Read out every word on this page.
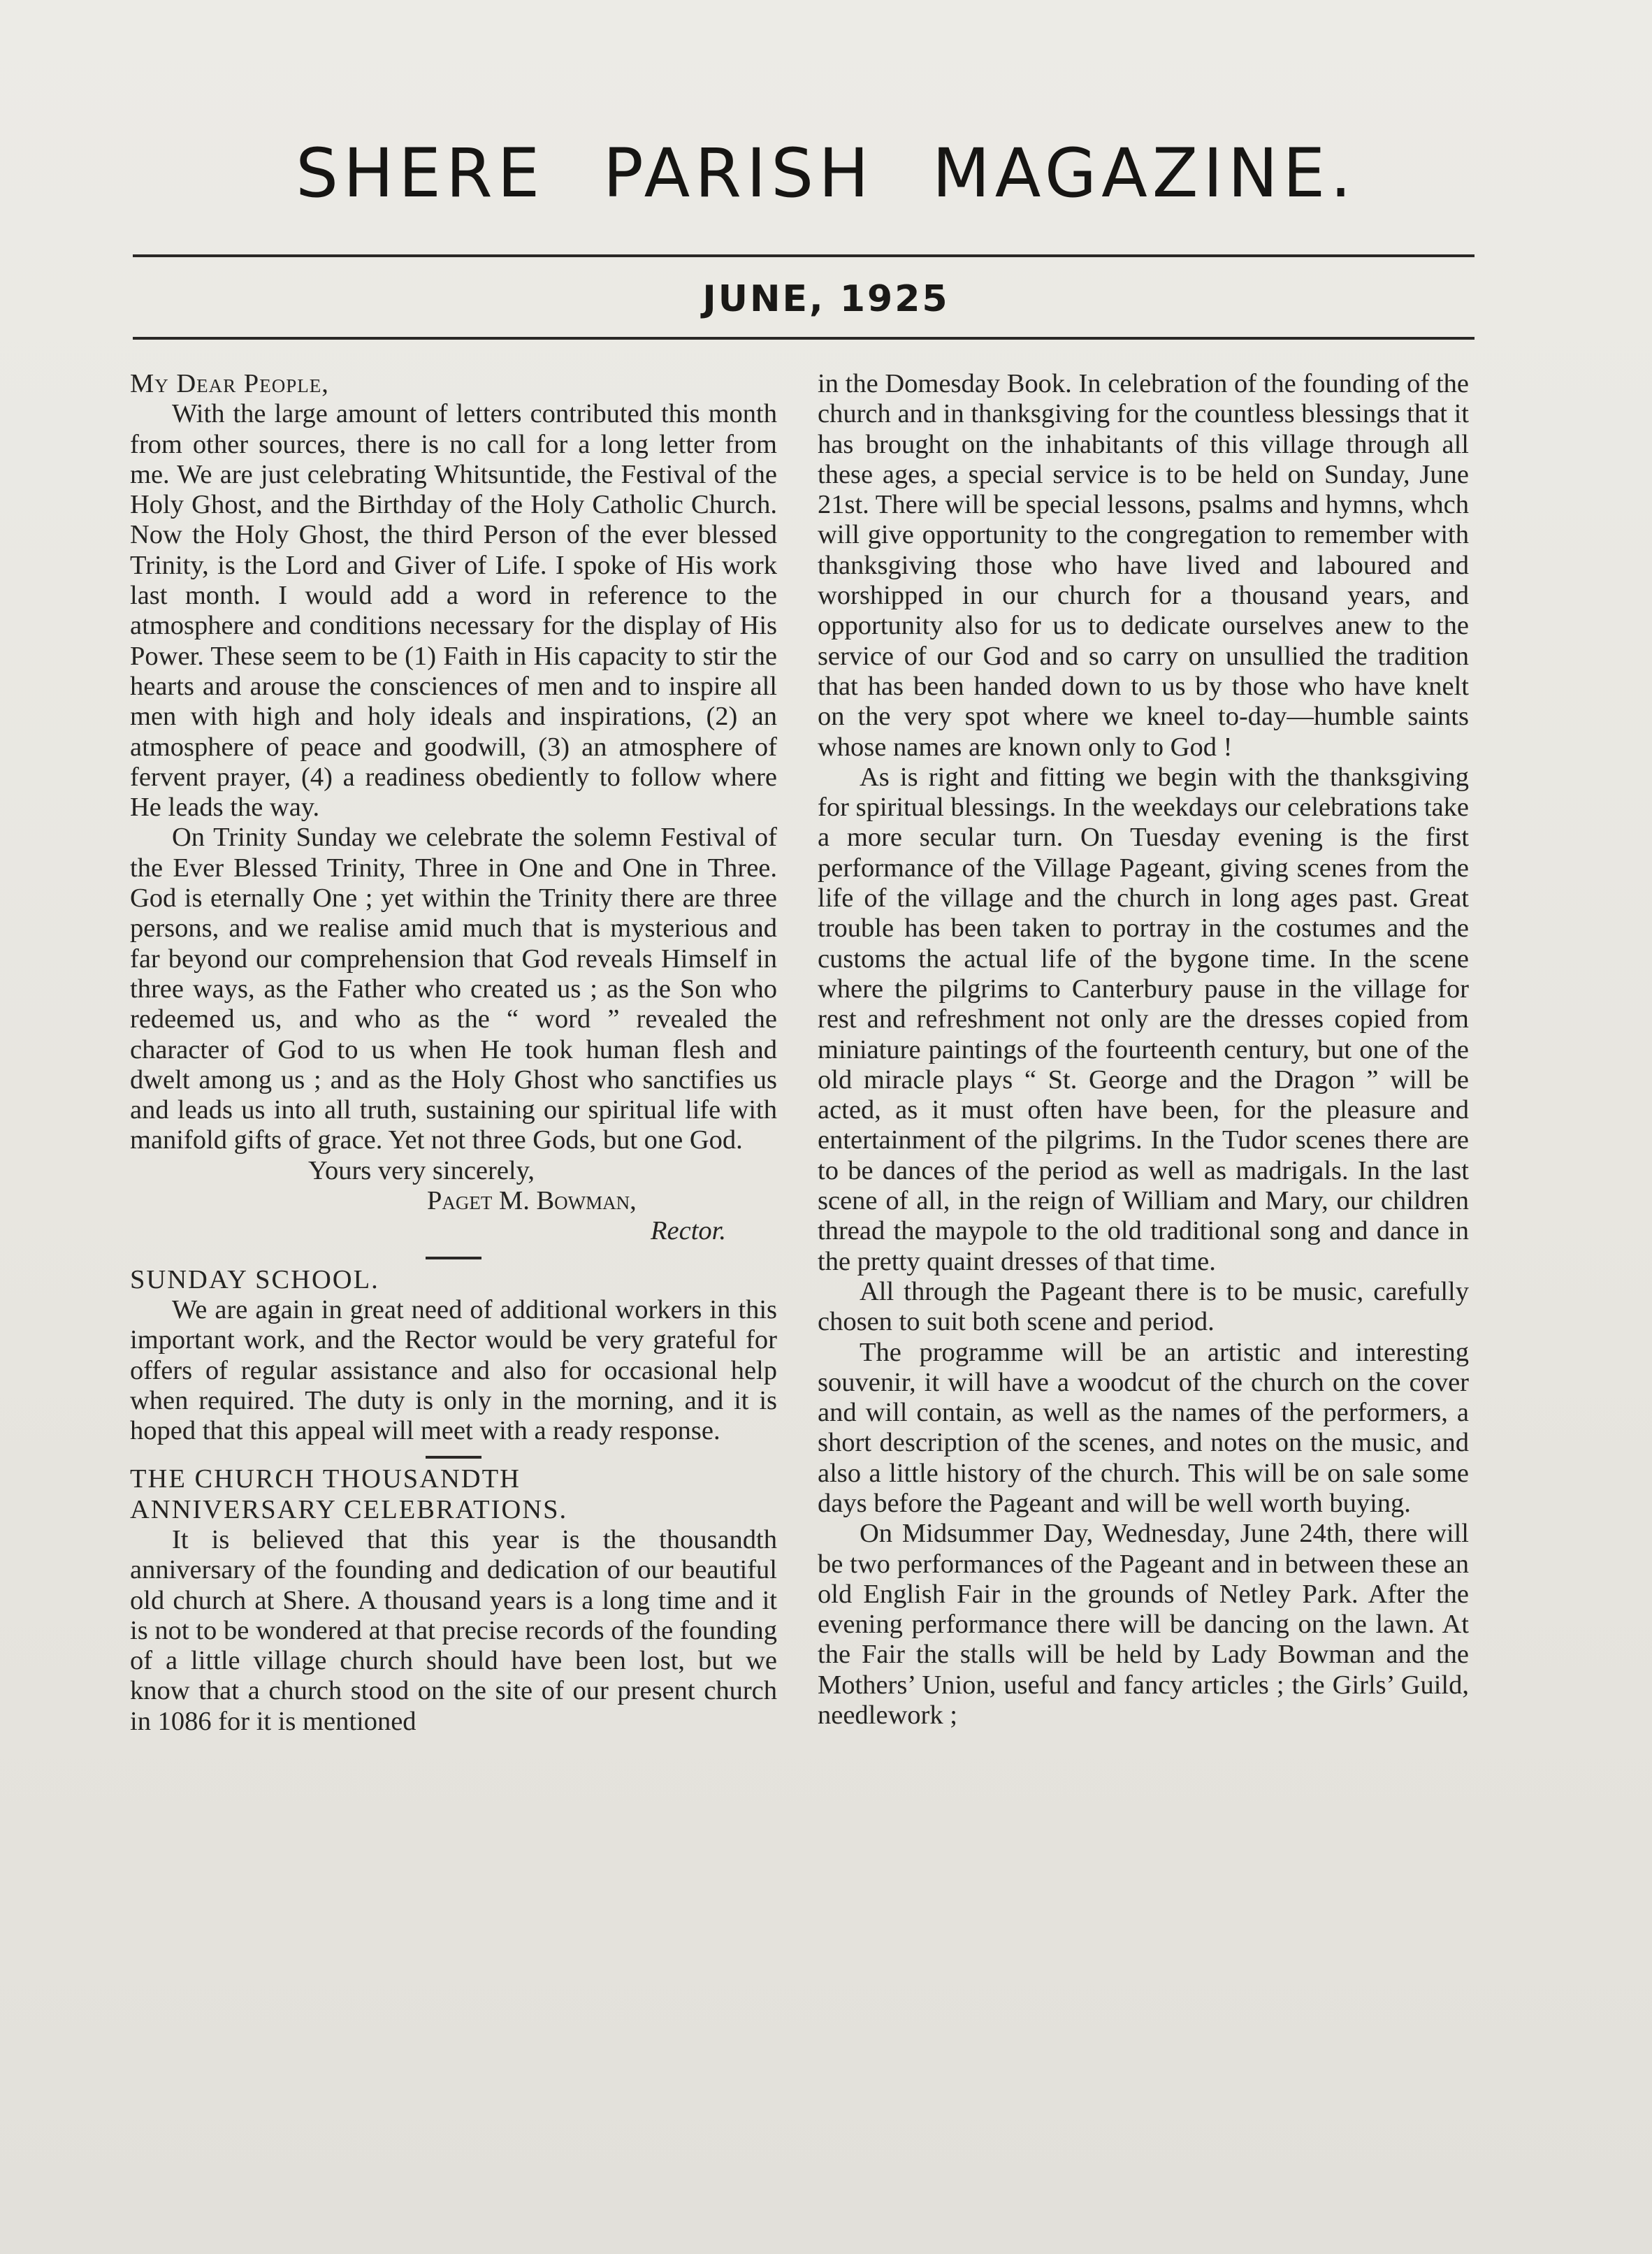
SHERE PARISH MAGAZINE.
JUNE, 1925

My Dear People,

With the large amount of letters contributed this month from other sources, there is no call for a long letter from me. We are just celebrating Whitsuntide, the Festival of the Holy Ghost, and the Birthday of the Holy Catholic Church. Now the Holy Ghost, the third Person of the ever blessed Trinity, is the Lord and Giver of Life. I spoke of His work last month. I would add a word in reference to the atmosphere and conditions necessary for the display of His Power. These seem to be (1) Faith in His capacity to stir the hearts and arouse the consciences of men and to inspire all men with high and holy ideals and inspirations, (2) an atmosphere of peace and goodwill, (3) an atmosphere of fervent prayer, (4) a readiness obediently to follow where He leads the way.

On Trinity Sunday we celebrate the solemn Festival of the Ever Blessed Trinity, Three in One and One in Three. God is eternally One ; yet within the Trinity there are three persons, and we realise amid much that is mysterious and far beyond our comprehension that God reveals Himself in three ways, as the Father who created us ; as the Son who redeemed us, and who as the “ word ” revealed the character of God to us when He took human flesh and dwelt among us ; and as the Holy Ghost who sanctifies us and leads us into all truth, sustaining our spiritual life with manifold gifts of grace. Yet not three Gods, but one God.

Yours very sincerely,

Paget M. Bowman,

Rector.

SUNDAY SCHOOL.

We are again in great need of additional workers in this important work, and the Rector would be very grateful for offers of regular assistance and also for occasional help when required. The duty is only in the morning, and it is hoped that this appeal will meet with a ready response.

THE CHURCH THOUSANDTH

ANNIVERSARY CELEBRATIONS.

It is believed that this year is the thousandth anniversary of the founding and dedication of our beautiful old church at Shere. A thousand years is a long time and it is not to be wondered at that precise records of the founding of a little village church should have been lost, but we know that a church stood on the site of our present church in 1086 for it is mentioned

in the Domesday Book. In celebration of the founding of the church and in thanksgiving for the countless blessings that it has brought on the inhabitants of this village through all these ages, a special service is to be held on Sunday, June 21st. There will be special lessons, psalms and hymns, whch will give opportunity to the congregation to remember with thanksgiving those who have lived and laboured and worshipped in our church for a thousand years, and opportunity also for us to dedicate ourselves anew to the service of our God and so carry on unsullied the tradition that has been handed down to us by those who have knelt on the very spot where we kneel to-day—humble saints whose names are known only to God !

As is right and fitting we begin with the thanksgiving for spiritual blessings. In the weekdays our celebrations take a more secular turn. On Tuesday evening is the first performance of the Village Pageant, giving scenes from the life of the village and the church in long ages past. Great trouble has been taken to portray in the costumes and the customs the actual life of the bygone time. In the scene where the pilgrims to Canterbury pause in the village for rest and refreshment not only are the dresses copied from miniature paintings of the fourteenth century, but one of the old miracle plays “ St. George and the Dragon ” will be acted, as it must often have been, for the pleasure and entertainment of the pilgrims. In the Tudor scenes there are to be dances of the period as well as madrigals. In the last scene of all, in the reign of William and Mary, our children thread the maypole to the old traditional song and dance in the pretty quaint dresses of that time.

All through the Pageant there is to be music, carefully chosen to suit both scene and period.

The programme will be an artistic and interesting souvenir, it will have a woodcut of the church on the cover and will contain, as well as the names of the performers, a short description of the scenes, and notes on the music, and also a little history of the church. This will be on sale some days before the Pageant and will be well worth buying.

On Midsummer Day, Wednesday, June 24th, there will be two performances of the Pageant and in between these an old English Fair in the grounds of Netley Park. After the evening performance there will be dancing on the lawn. At the Fair the stalls will be held by Lady Bowman and the Mothers’ Union, useful and fancy articles ; the Girls’ Guild, needlework ;
